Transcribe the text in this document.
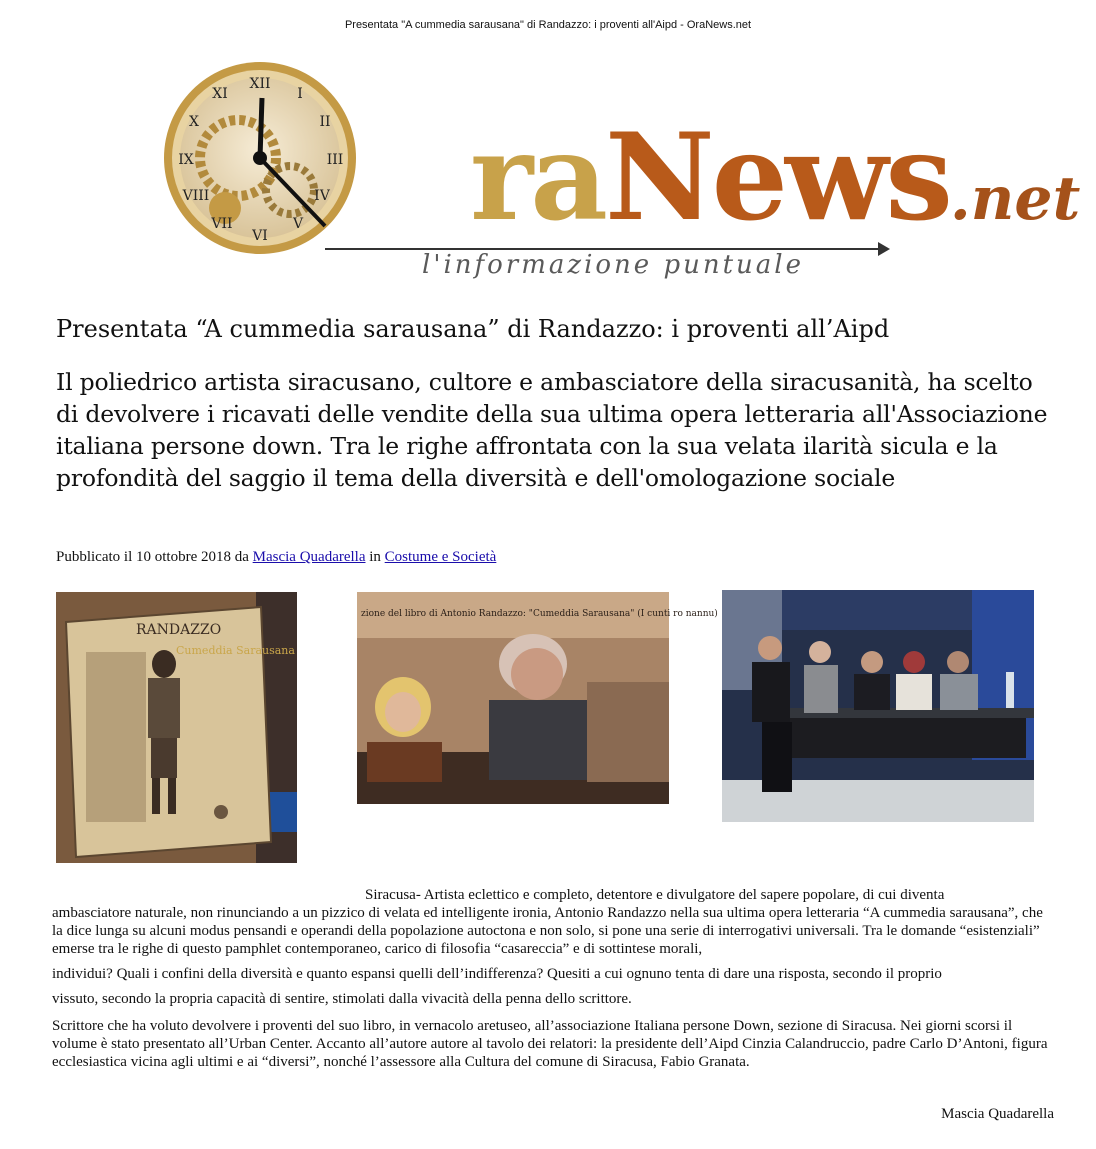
Presentata "A cummedia sarausana" di Randazzo: i proventi all'Aipd - OraNews.net
XII
I
II
III
IV
V
VI
VII
VIII
IX
X
XI
raNews.net
l'informazione puntuale
Presentata “A cummedia sarausana” di Randazzo: i proventi all’Aipd
Il poliedrico artista siracusano, cultore e ambasciatore della siracusanità, ha scelto di devolvere i ricavati delle vendite della sua ultima opera letteraria all'Associazione italiana persone down. Tra le righe affrontata con la sua velata ilarità sicula e la profondità del saggio il tema della diversità e dell'omologazione sociale
Pubblicato il 10 ottobre 2018 da Mascia Quadarella in Costume e Società
RANDAZZO
Cumeddia Sarausana
zione del libro di Antonio Randazzo: "Cumeddia Sarausana" (I cunti ro nannu)

Siracusa- Artista eclettico e completo, detentore e divulgatore del sapere popolare, di cui diventa

ambasciatore naturale, non rinunciando a un pizzico di velata ed intelligente ironia, Antonio Randazzo nella sua ultima opera letteraria “A cummedia sarausana”, che la dice lunga su alcuni modus pensandi e operandi della popolazione autoctona e non solo, si pone una serie di interrogativi universali. Tra le domande “esistenziali” emerse tra le righe di questo pamphlet contemporaneo, carico di filosofia “casareccia” e di sottintese morali,

individui? Quali i confini della diversità e quanto espansi quelli dell’indifferenza? Quesiti a cui ognuno tenta di dare una risposta, secondo il proprio

vissuto, secondo la propria capacità di sentire, stimolati dalla vivacità della penna dello scrittore.

Scrittore che ha voluto devolvere i proventi del suo libro, in vernacolo aretuseo, all’associazione Italiana persone Down, sezione di Siracusa. Nei giorni scorsi il volume è stato presentato all’Urban Center. Accanto all’autore autore al tavolo dei relatori: la presidente dell’Aipd Cinzia Calandruccio, padre Carlo D’Antoni, figura ecclesiastica vicina agli ultimi e ai “diversi”, nonché l’assessore alla Cultura del comune di Siracusa, Fabio Granata.

Mascia Quadarella
